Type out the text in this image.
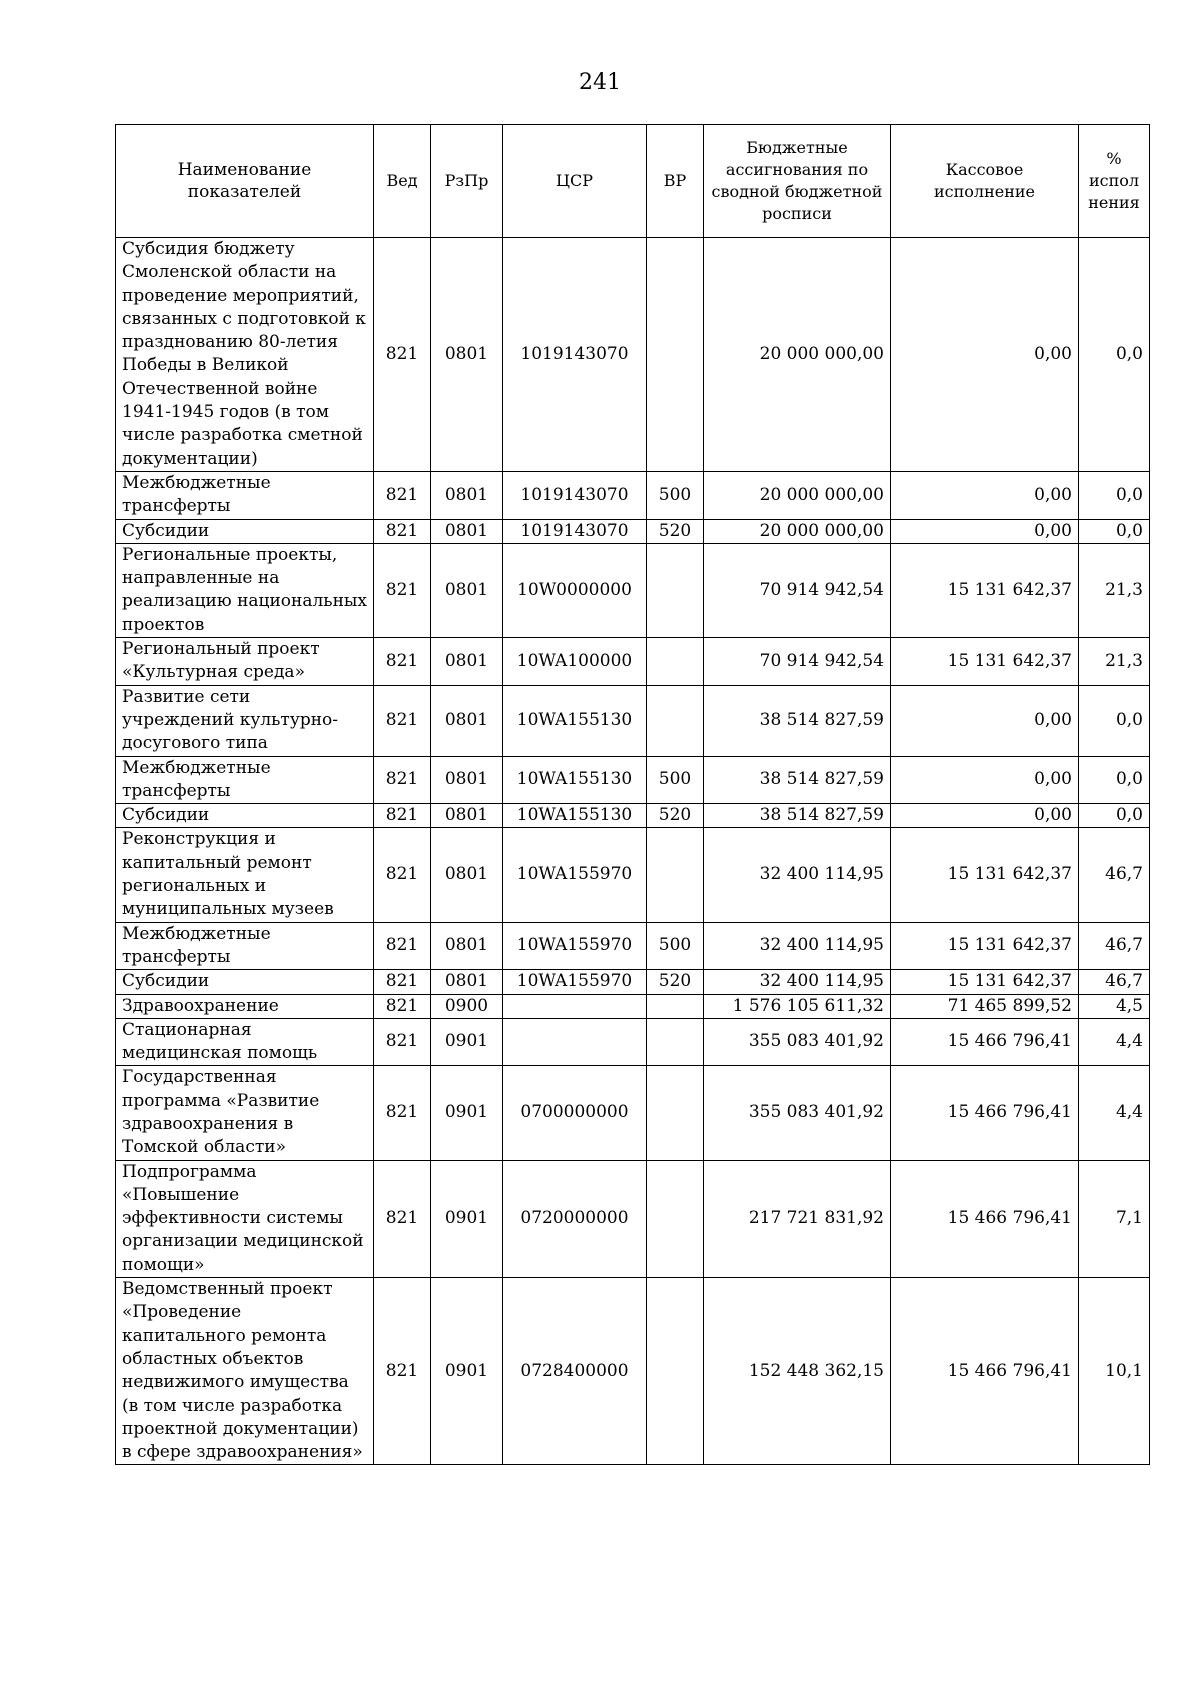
241
Наименование показателей	Вед	РзПр	ЦСР	ВР	Бюджетные ассигнования по сводной бюджетной росписи	Кассовое исполнение	% испол нения
Субсидия бюджету Смоленской области на проведение мероприятий, связанных с подготовкой к празднованию 80-летия Победы в Великой Отечественной войне 1941-1945 годов (в том числе разработка сметной документации)	821	0801	1019143070		20 000 000,00	0,00	0,0
Межбюджетные трансферты	821	0801	1019143070	500	20 000 000,00	0,00	0,0
Субсидии	821	0801	1019143070	520	20 000 000,00	0,00	0,0
Региональные проекты, направленные на реализацию национальных проектов	821	0801	10W0000000		70 914 942,54	15 131 642,37	21,3
Региональный проект «Культурная среда»	821	0801	10WA100000		70 914 942,54	15 131 642,37	21,3
Развитие сети учреждений культурно-досугового типа	821	0801	10WA155130		38 514 827,59	0,00	0,0
Межбюджетные трансферты	821	0801	10WA155130	500	38 514 827,59	0,00	0,0
Субсидии	821	0801	10WA155130	520	38 514 827,59	0,00	0,0
Реконструкция и капитальный ремонт региональных и муниципальных музеев	821	0801	10WA155970		32 400 114,95	15 131 642,37	46,7
Межбюджетные трансферты	821	0801	10WA155970	500	32 400 114,95	15 131 642,37	46,7
Субсидии	821	0801	10WA155970	520	32 400 114,95	15 131 642,37	46,7
Здравоохранение	821	0900			1 576 105 611,32	71 465 899,52	4,5
Стационарная медицинская помощь	821	0901			355 083 401,92	15 466 796,41	4,4
Государственная программа «Развитие здравоохранения в Томской области»	821	0901	0700000000		355 083 401,92	15 466 796,41	4,4
Подпрограмма «Повышение эффективности системы организации медицинской помощи»	821	0901	0720000000		217 721 831,92	15 466 796,41	7,1
Ведомственный проект «Проведение капитального ремонта областных объектов недвижимого имущества (в том числе разработка проектной документации) в сфере здравоохранения»	821	0901	0728400000		152 448 362,15	15 466 796,41	10,1
